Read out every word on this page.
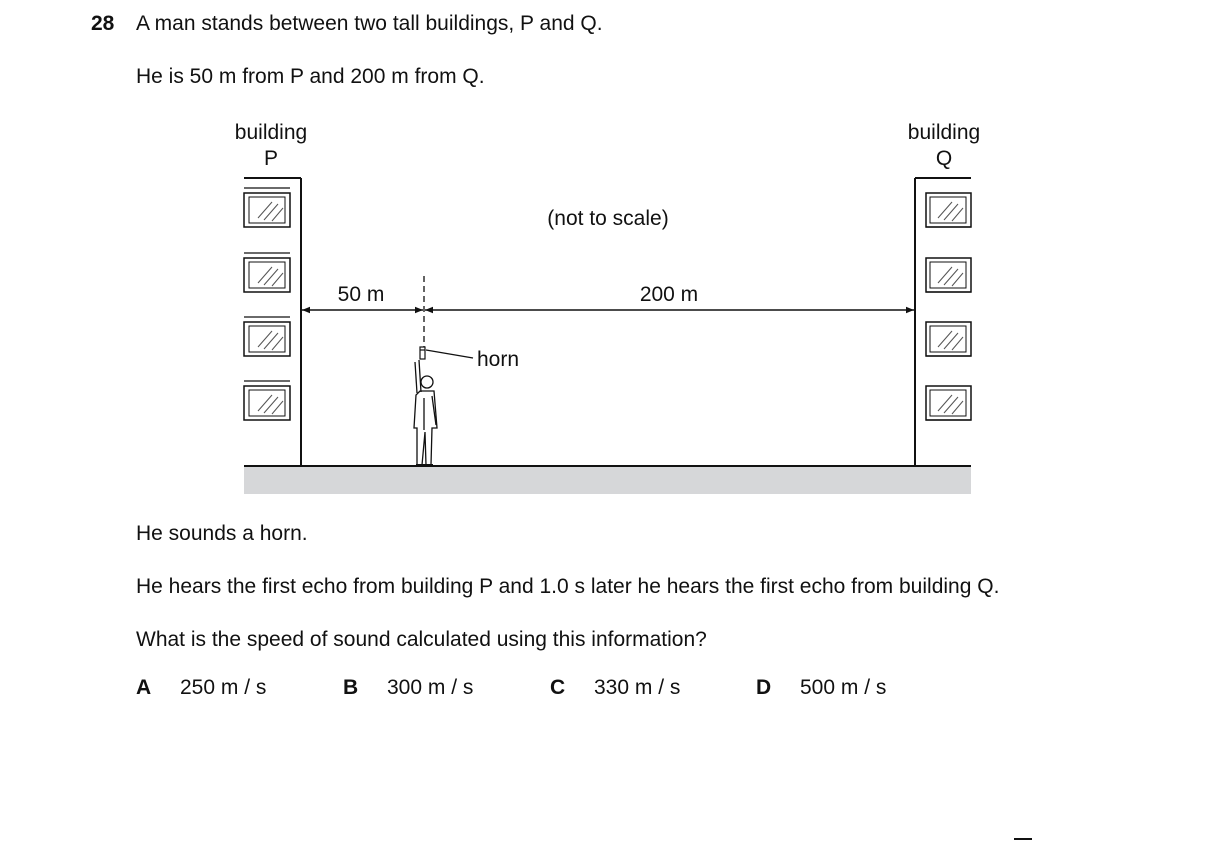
28 A man stands between two tall buildings, P and Q.
He is 50 m from P and 200 m from Q.
building
P
building
Q
(not to scale)
50 m	200 m
horn
He sounds a horn.
He hears the first echo from building P and 1.0 s later he hears the first echo from building Q.
What is the speed of sound calculated using this information?
A 250 m / s	B 300 m / s	C 330 m / s	D 500 m / s
